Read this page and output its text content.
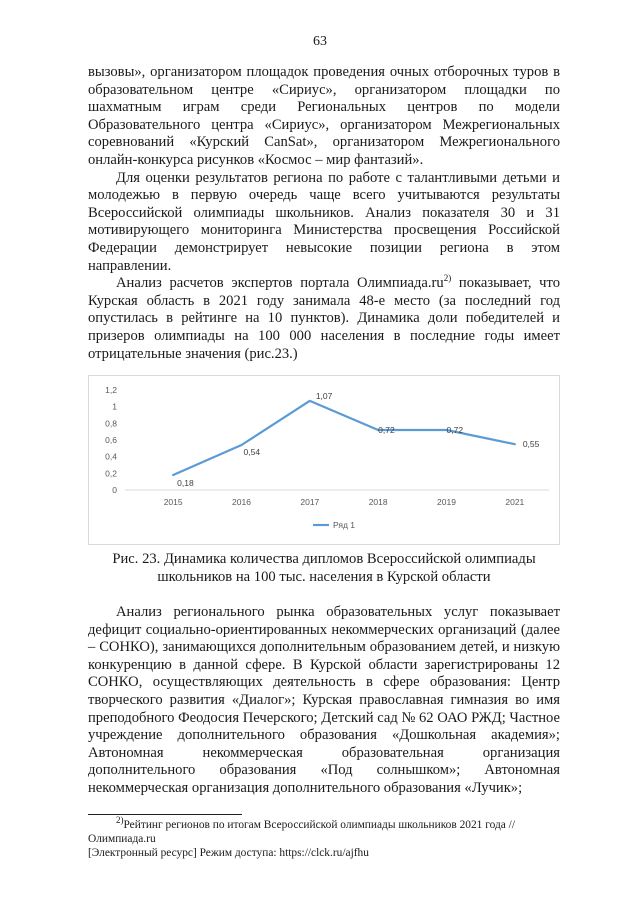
63

вызовы», организатором площадок проведения очных отборочных туров в образовательном центре «Сириус», организатором площадки по шахматным играм среди Региональных центров по модели Образовательного центра «Сириус», организатором Межрегиональных соревнований «Курский CanSat», организатором Межрегионального онлайн-конкурса рисунков «Космос – мир фантазий».

Для оценки результатов региона по работе с талантливыми детьми и молодежью в первую очередь чаще всего учитываются результаты Всероссийской олимпиады школьников. Анализ показателя 30 и 31 мотивирующего мониторинга Министерства просвещения Российской Федерации демонстрирует невысокие позиции региона в этом направлении.

Анализ расчетов экспертов портала $Олимпиада.ru^{2)}$ показывает, что Курская область в 2021 году занимала 48-е место (за последний год опустилась в рейтинге на 10 пунктов). Динамика доли победителей и призеров олимпиады на 100 000 населения в последние годы имеет отрицательные значения (рис.23.)

0
0,2
0,4
0,6
0,8
1
1,2
2015	2016	2017	2018	2019	2021
0,18
0,54
1,07
0,72	0,72
0,55
Ряд 1
Рис. 23. Динамика количества дипломов Всероссийской олимпиады школьников на 100 тыс. населения в Курской области

Анализ регионального рынка образовательных услуг показывает дефицит социально-ориентированных некоммерческих организаций (далее – СОНКО), занимающихся дополнительным образованием детей, и низкую конкуренцию в данной сфере. В Курской области зарегистрированы 12 СОНКО, осуществляющих деятельность в сфере образования: Центр творческого развития «Диалог»; Курская православная гимназия во имя преподобного Феодосия Печерского; Детский сад № 62 ОАО РЖД; Частное учреждение дополнительного образования «Дошкольная академия»; Автономная некоммерческая образовательная организация дополнительного образования «Под солнышком»; Автономная некоммерческая организация дополнительного образования «Лучик»;

$^{2)}$Рейтинг регионов по итогам Всероссийской олимпиады школьников 2021 года // Олимпиада.ru

[Электронный ресурс] Режим доступа: https://clck.ru/ajfhu
